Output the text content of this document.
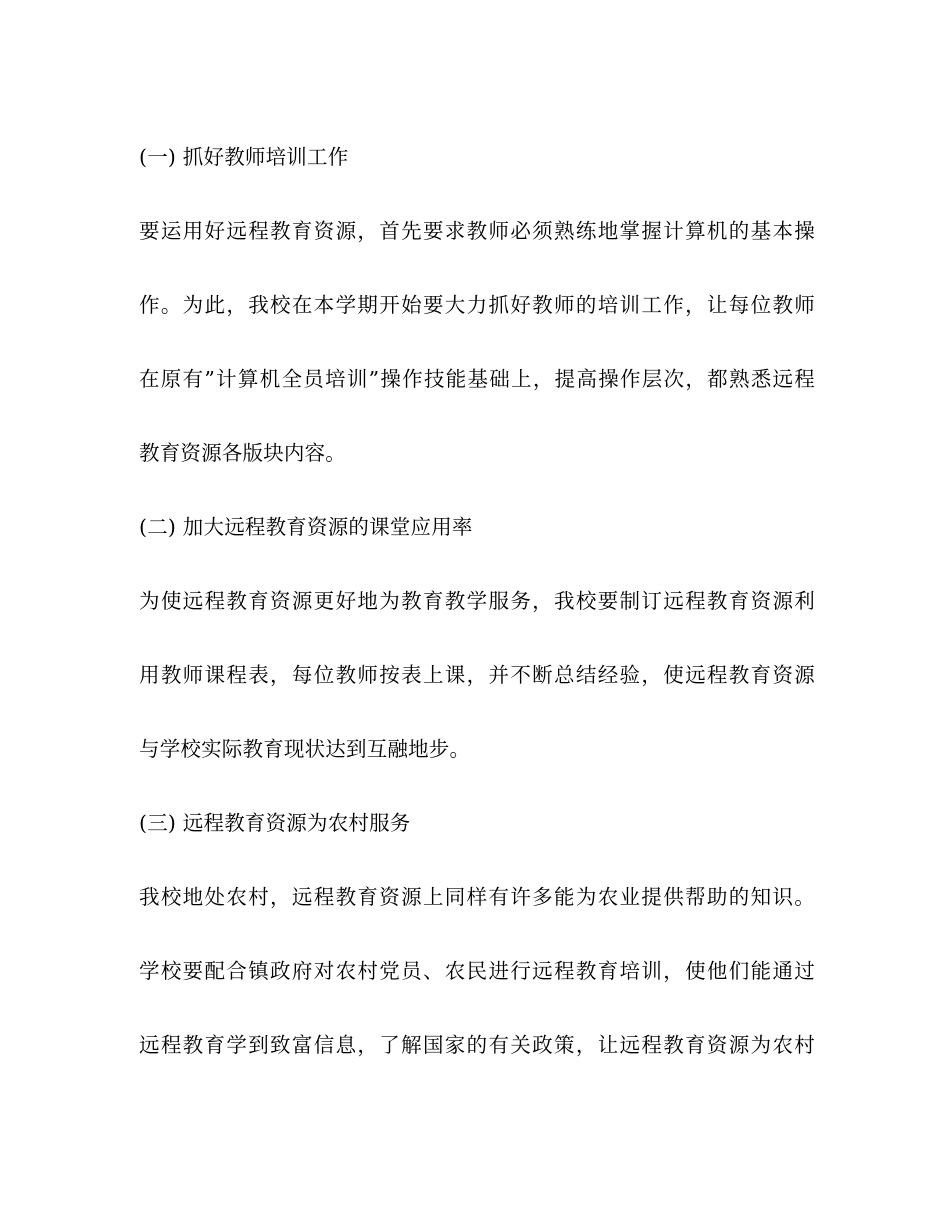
(一) 抓好教师培训工作
要运用好远程教育资源，首先要求教师必须熟练地掌握计算机的基本操
作。为此，我校在本学期开始要大力抓好教师的培训工作，让每位教师
在原有”计算机全员培训”操作技能基础上，提高操作层次，都熟悉远程
教育资源各版块内容。
(二) 加大远程教育资源的课堂应用率
为使远程教育资源更好地为教育教学服务，我校要制订远程教育资源利
用教师课程表，每位教师按表上课，并不断总结经验，使远程教育资源
与学校实际教育现状达到互融地步。
(三) 远程教育资源为农村服务
我校地处农村，远程教育资源上同样有许多能为农业提供帮助的知识。
学校要配合镇政府对农村党员、农民进行远程教育培训，使他们能通过
远程教育学到致富信息，了解国家的有关政策，让远程教育资源为农村
